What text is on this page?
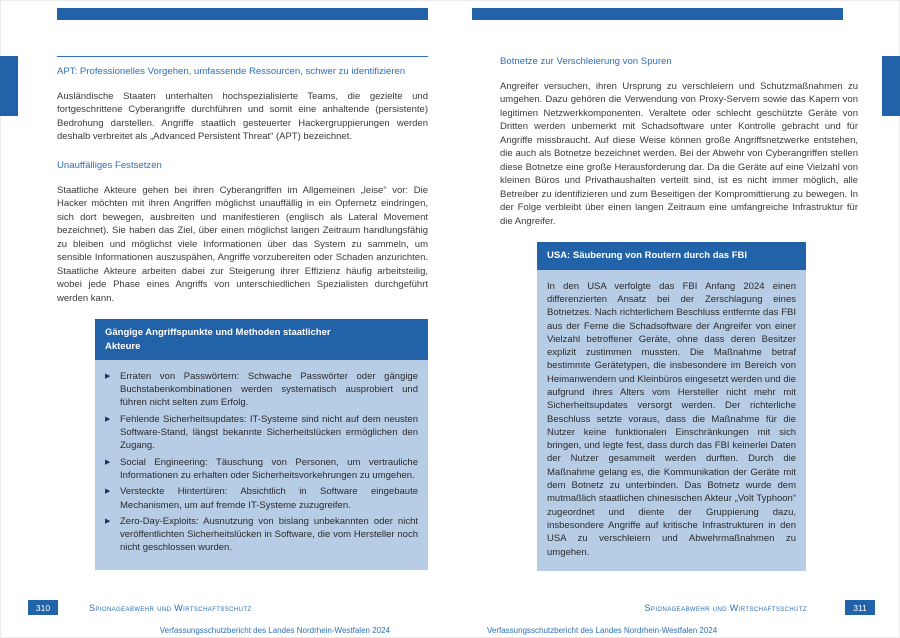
APT: Professionelles Vorgehen, umfassende Ressourcen, schwer zu identifizieren

Ausländische Staaten unterhalten hochspezialisierte Teams, die gezielte und fortgeschrittene Cyberangriffe durchführen und somit eine anhaltende (persistente) Bedrohung darstellen. Angriffe staatlich gesteuerter Hackergruppierungen werden deshalb verbreitet als „Advanced Persistent Threat“ (APT) bezeichnet.

Unauffälliges Festsetzen

Staatliche Akteure gehen bei ihren Cyberangriffen im Allgemeinen „leise“ vor: Die Hacker möchten mit ihren Angriffen möglichst unauffällig in ein Opfernetz eindringen, sich dort bewegen, ausbreiten und manifestieren (englisch als Lateral Movement bezeichnet). Sie haben das Ziel, über einen möglichst langen Zeitraum handlungsfähig zu bleiben und möglichst viele Informationen über das System zu sammeln, um sensible Informationen auszuspähen, Angriffe vorzubereiten oder Schaden anzurichten. Staatliche Akteure arbeiten dabei zur Steigerung ihrer Effizienz häufig arbeitsteilig, wobei jede Phase eines Angriffs von unterschiedlichen Spezialisten durchgeführt werden kann.

Gängige Angriffspunkte und Methoden staatlicher Akteure
▶ Erraten von Passwörtern: Schwache Passwörter oder gängige Buchstabenkombinationen werden systematisch ausprobiert und führen nicht selten zum Erfolg.
▶ Fehlende Sicherheitsupdates: IT-Systeme sind nicht auf dem neusten Software-Stand, längst bekannte Sicherheitslücken ermöglichen den Zugang.
▶ Social Engineering: Täuschung von Personen, um vertrauliche Informationen zu erhalten oder Sicherheitsvorkehrungen zu umgehen.
▶ Versteckte Hintertüren: Absichtlich in Software eingebaute Mechanismen, um auf fremde IT-Systeme zuzugreifen.
▶ Zero-Day-Exploits: Ausnutzung von bislang unbekannten oder nicht veröffentlichten Sicherheitslücken in Software, die vom Hersteller noch nicht geschlossen wurden.
Botnetze zur Verschleierung von Spuren

Angreifer versuchen, ihren Ursprung zu verschleiern und Schutzmaßnahmen zu umgehen. Dazu gehören die Verwendung von Proxy-Servern sowie das Kapern von legitimen Netzwerkkomponenten. Veraltete oder schlecht geschützte Geräte von Dritten werden unbemerkt mit Schadsoftware unter Kontrolle gebracht und für Angriffe missbraucht. Auf diese Weise können große Angriffsnetzwerke entstehen, die auch als Botnetze bezeichnet werden. Bei der Abwehr von Cyberangriffen stellen diese Botnetze eine große Herausforderung dar. Da die Geräte auf eine Vielzahl von kleinen Büros und Privathaushalten verteilt sind, ist es nicht immer möglich, alle Betreiber zu identifizieren und zum Beseitigen der Kompromittierung zu bewegen. In der Folge verbleibt über einen langen Zeitraum eine umfangreiche Infrastruktur für die Angreifer.

USA: Säuberung von Routern durch das FBI
In den USA verfolgte das FBI Anfang 2024 einen differenzierten Ansatz bei der Zerschlagung eines Botnetzes. Nach richterlichem Beschluss entfernte das FBI aus der Ferne die Schadsoftware der Angreifer von einer Vielzahl betroffener Geräte, ohne dass deren Besitzer explizit zustimmen mussten. Die Maßnahme betraf bestimmte Gerätetypen, die insbesondere im Bereich von Heimanwendern und Kleinbüros eingesetzt werden und die aufgrund ihres Alters vom Hersteller nicht mehr mit Sicherheitsupdates versorgt werden. Der richterliche Beschluss setzte voraus, dass die Maßnahme für die Nutzer keine funktionalen Einschränkungen mit sich bringen, und legte fest, dass durch das FBI keinerlei Daten der Nutzer gesammelt werden durften. Durch die Maßnahme gelang es, die Kommunikation der Geräte mit dem Botnetz zu unterbinden. Das Botnetz wurde dem mutmaßlich staatlichen chinesischen Akteur „Volt Typhoon“ zugeordnet und diente der Gruppierung dazu, insbesondere Angriffe auf kritische Infrastrukturen in den USA zu verschleiern und Abwehrmaßnahmen zu umgehen.
310	Spionageabwehr und Wirtschaftsschutz	Spionageabwehr und Wirtschaftsschutz	311
Verfassungsschutzbericht des Landes Nordrhein-Westfalen 2024	Verfassungsschutzbericht des Landes Nordrhein-Westfalen 2024
